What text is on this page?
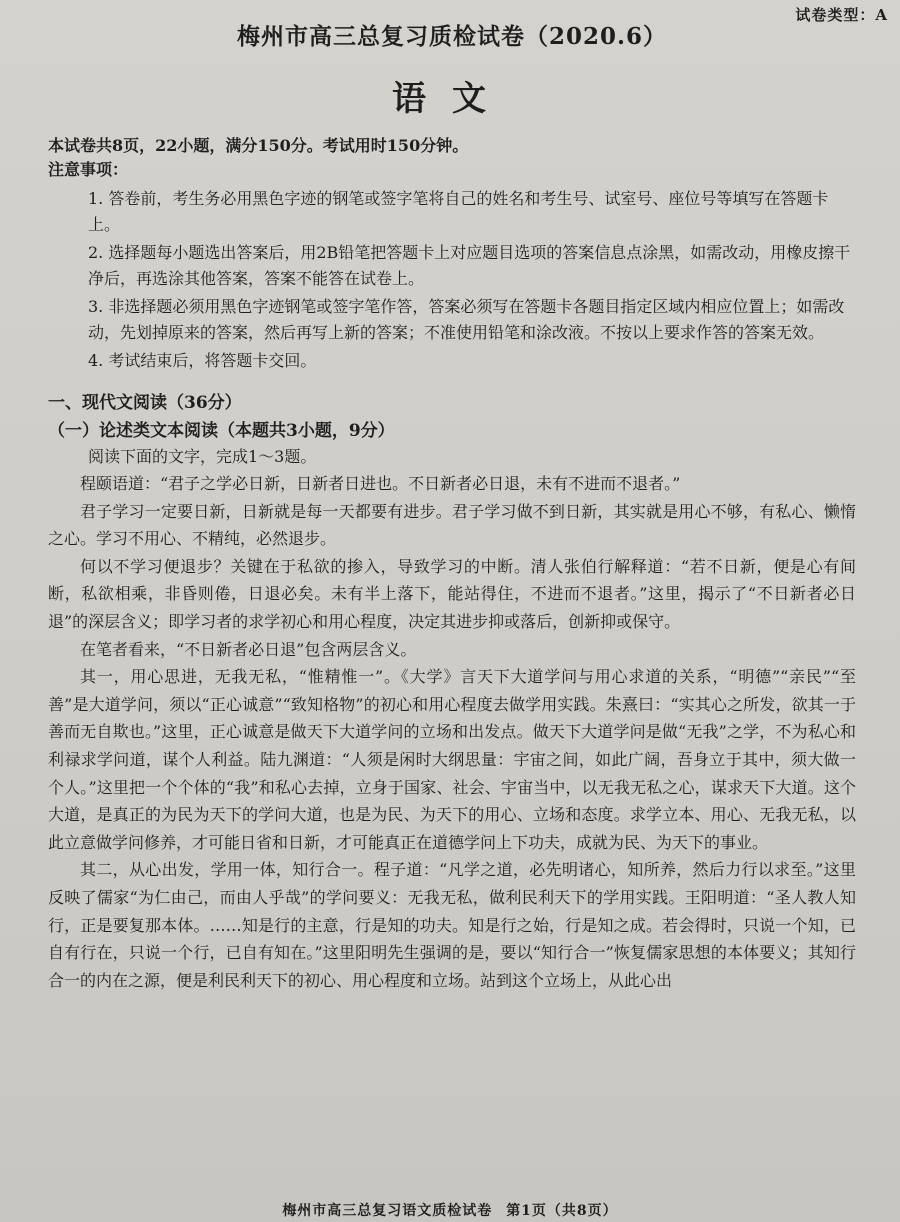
试卷类型：A
梅州市高三总复习质检试卷（2020.6）
语文

本试卷共8页，22小题，满分150分。考试用时150分钟。

注意事项：

1. 答卷前，考生务必用黑色字迹的钢笔或签字笔将自己的姓名和考生号、试室号、座位号等填写在答题卡上。
2. 选择题每小题选出答案后，用2B铅笔把答题卡上对应题目选项的答案信息点涂黑，如需改动，用橡皮擦干净后，再选涂其他答案，答案不能答在试卷上。
3. 非选择题必须用黑色字迹钢笔或签字笔作答，答案必须写在答题卡各题目指定区域内相应位置上；如需改动，先划掉原来的答案，然后再写上新的答案；不准使用铅笔和涂改液。不按以上要求作答的答案无效。
4. 考试结束后，将答题卡交回。

一、现代文阅读（36分）

（一）论述类文本阅读（本题共3小题，9分）

阅读下面的文字，完成1～3题。

程颐语道：“君子之学必日新，日新者日进也。不日新者必日退，未有不进而不退者。”

君子学习一定要日新，日新就是每一天都要有进步。君子学习做不到日新，其实就是用心不够，有私心、懒惰之心。学习不用心、不精纯，必然退步。

何以不学习便退步？关键在于私欲的掺入，导致学习的中断。清人张伯行解释道：“若不日新，便是心有间断，私欲相乘，非昏则倦，日退必矣。未有半上落下，能站得住，不进而不退者。”这里，揭示了“不日新者必日退”的深层含义；即学习者的求学初心和用心程度，决定其进步抑或落后，创新抑或保守。

在笔者看来，“不日新者必日退”包含两层含义。

其一，用心思进，无我无私，“惟精惟一”。《大学》言天下大道学问与用心求道的关系，“明德”“亲民”“至善”是大道学问，须以“正心诚意”“致知格物”的初心和用心程度去做学用实践。朱熹曰：“实其心之所发，欲其一于善而无自欺也。”这里，正心诚意是做天下大道学问的立场和出发点。做天下大道学问是做“无我”之学，不为私心和利禄求学问道，谋个人利益。陆九渊道：“人须是闲时大纲思量：宇宙之间，如此广阔，吾身立于其中，须大做一个人。”这里把一个个体的“我”和私心去掉，立身于国家、社会、宇宙当中，以无我无私之心，谋求天下大道。这个大道，是真正的为民为天下的学问大道，也是为民、为天下的用心、立场和态度。求学立本、用心、无我无私，以此立意做学问修养，才可能日省和日新，才可能真正在道德学问上下功夫，成就为民、为天下的事业。

其二，从心出发，学用一体，知行合一。程子道：“凡学之道，必先明诸心，知所养，然后力行以求至。”这里反映了儒家“为仁由己，而由人乎哉”的学问要义：无我无私，做利民利天下的学用实践。王阳明道：“圣人教人知行，正是要复那本体。……知是行的主意，行是知的功夫。知是行之始，行是知之成。若会得时，只说一个知，已自有行在，只说一个行，已自有知在。”这里阳明先生强调的是，要以“知行合一”恢复儒家思想的本体要义；其知行合一的内在之源，便是利民利天下的初心、用心程度和立场。站到这个立场上，从此心出

梅州市高三总复习语文质检试卷 第1页（共8页）
